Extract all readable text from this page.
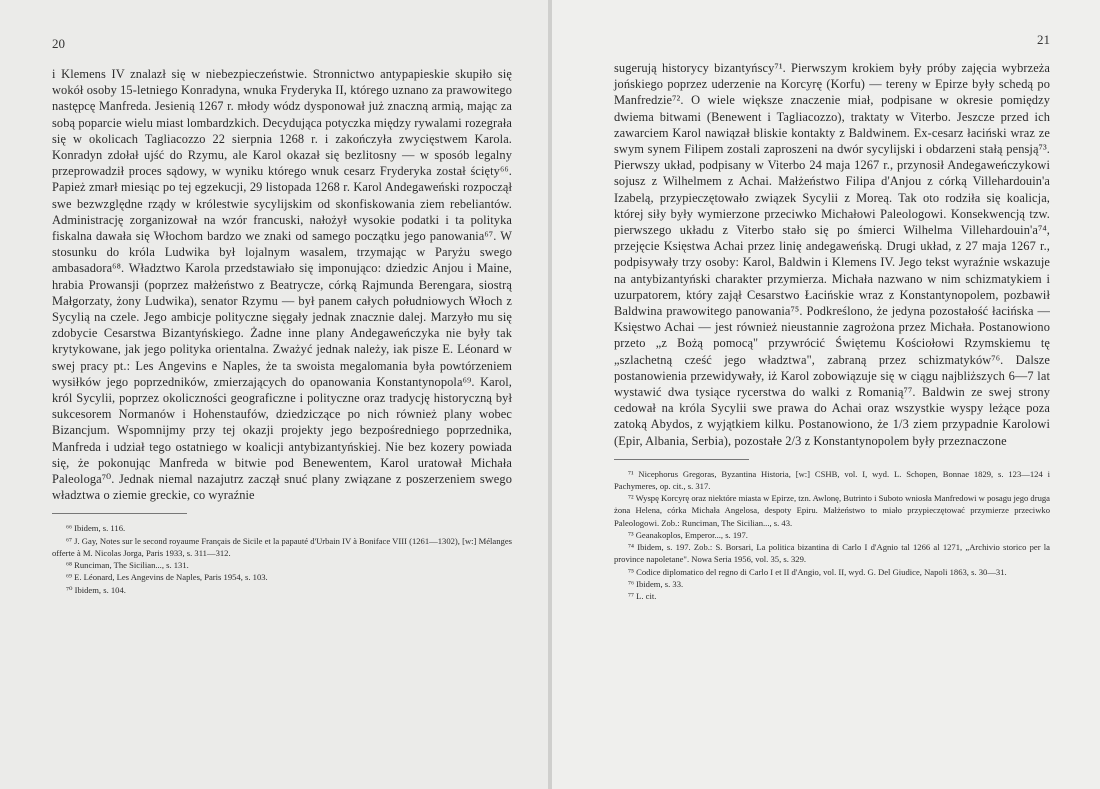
20
i Klemens IV znalazł się w niebezpieczeństwie. Stronnictwo antypapieskie skupiło się wokół osoby 15-letniego Konradyna, wnuka Fryderyka II, którego uznano za prawowitego następcę Manfreda. Jesienią 1267 r. młody wódz dysponował już znaczną armią, mając za sobą poparcie wielu miast lombardzkich. Decydująca potyczka między rywalami rozegrała się w okolicach Tagliacozzo 22 sierpnia 1268 r. i zakończyła zwycięstwem Karola. Konradyn zdołał ujść do Rzymu, ale Karol okazał się bezlitosny — w sposób legalny przeprowadził proces sądowy, w wyniku którego wnuk cesarz Fryderyka został ścięty⁶⁶. Papież zmarł miesiąc po tej egzekucji, 29 listopada 1268 r. Karol Andegaweński rozpoczął swe bezwzględne rządy w królestwie sycylijskim od skonfiskowania ziem rebeliantów. Administrację zorganizował na wzór francuski, nałożył wysokie podatki i ta polityka fiskalna dawała się Włochom bardzo we znaki od samego początku jego panowania⁶⁷. W stosunku do króla Ludwika był lojalnym wasalem, trzymając w Paryżu swego ambasadora⁶⁸. Władztwo Karola przedstawiało się imponująco: dziedzic Anjou i Maine, hrabia Prowansji (poprzez małżeństwo z Beatrycze, córką Rajmunda Berengara, siostrą Małgorzaty, żony Ludwika), senator Rzymu — był panem całych południowych Włoch z Sycylią na czele. Jego ambicje polityczne sięgały jednak znacznie dalej. Marzyło mu się zdobycie Cesarstwa Bizantyńskiego. Żadne inne plany Andegaweńczyka nie były tak krytykowane, jak jego polityka orientalna. Zważyć jednak należy, iak pisze E. Léonard w swej pracy pt.: Les Angevins e Naples, że ta swoista megalomania była powtórzeniem wysiłków jego poprzedników, zmierzających do opanowania Konstantynopola⁶⁹. Karol, król Sycylii, poprzez okoliczności geograficzne i polityczne oraz tradycję historyczną był sukcesorem Normanów i Hohenstaufów, dziedziczące po nich również plany wobec Bizancjum. Wspomnijmy przy tej okazji projekty jego bezpośredniego poprzednika, Manfreda i udział tego ostatniego w koalicji antybizantyńskiej. Nie bez kozery powiada się, że pokonując Manfreda w bitwie pod Benewentem, Karol uratował Michała Paleologa⁷⁰. Jednak niemal nazajutrz zaczął snuć plany związane z poszerzeniem swego władztwa o ziemie greckie, co wyraźnie

⁶⁶ Ibidem, s. 116.

⁶⁷ J. Gay, Notes sur le second royaume Français de Sicile et la papauté d'Urbain IV à Boniface VIII (1261—1302), [w:] Mélanges offerte à M. Nicolas Jorga, Paris 1933, s. 311—312.

⁶⁸ Runciman, The Sicilian..., s. 131.

⁶⁹ E. Léonard, Les Angevins de Naples, Paris 1954, s. 103.

⁷⁰ Ibidem, s. 104.

21
sugerują historycy bizantyńscy⁷¹. Pierwszym krokiem były próby zajęcia wybrzeża jońskiego poprzez uderzenie na Korcyrę (Korfu) — tereny w Epirze były schedą po Manfredzie⁷². O wiele większe znaczenie miał, podpisane w okresie pomiędzy dwiema bitwami (Benewent i Tagliacozzo), traktaty w Viterbo. Jeszcze przed ich zawarciem Karol nawiązał bliskie kontakty z Baldwinem. Ex-cesarz łaciński wraz ze swym synem Filipem zostali zaproszeni na dwór sycylijski i obdarzeni stałą pensją⁷³. Pierwszy układ, podpisany w Viterbo 24 maja 1267 r., przynosił Andegaweńczykowi sojusz z Wilhelmem z Achai. Małżeństwo Filipa d'Anjou z córką Villehardouin'a Izabelą, przypieczętowało związek Sycylii z Moreą. Tak oto rodziła się koalicja, której siły były wymierzone przeciwko Michałowi Paleologowi. Konsekwencją tzw. pierwszego układu z Viterbo stało się po śmierci Wilhelma Villehardouin'a⁷⁴, przejęcie Księstwa Achai przez linię andegaweńską. Drugi układ, z 27 maja 1267 r., podpisywały trzy osoby: Karol, Baldwin i Klemens IV. Jego tekst wyraźnie wskazuje na antybizantyński charakter przymierza. Michała nazwano w nim schizmatykiem i uzurpatorem, który zajął Cesarstwo Łacińskie wraz z Konstantynopolem, pozbawił Baldwina prawowitego panowania⁷⁵. Podkreślono, że jedyna pozostałość łacińska — Księstwo Achai — jest również nieustannie zagrożona przez Michała. Postanowiono przeto „z Bożą pomocą" przywrócić Świętemu Kościołowi Rzymskiemu tę „szlachetną cześć jego władztwa", zabraną przez schizmatyków⁷⁶. Dalsze postanowienia przewidywały, iż Karol zobowiązuje się w ciągu najbliższych 6—7 lat wystawić dwa tysiące rycerstwa do walki z Romanią⁷⁷. Baldwin ze swej strony cedował na króla Sycylii swe prawa do Achai oraz wszystkie wyspy leżące poza zatoką Abydos, z wyjątkiem kilku. Postanowiono, że 1/3 ziem przypadnie Karolowi (Epir, Albania, Serbia), pozostałe 2/3 z Konstantynopolem były przeznaczone

⁷¹ Nicephorus Gregoras, Byzantina Historia, [w:] CSHB, vol. I, wyd. L. Schopen, Bonnae 1829, s. 123—124 i Pachymeres, op. cit., s. 317.

⁷² Wyspę Korcyrę oraz niektóre miasta w Epirze, tzn. Awlonę, Butrinto i Suboto wniosła Manfredowi w posagu jego druga żona Helena, córka Michała Angelosa, despoty Epiru. Małżeństwo to miało przypieczętować przymierze przeciwko Paleologowi. Zob.: Runciman, The Sicilian..., s. 43.

⁷³ Geanakoplos, Emperor..., s. 197.

⁷⁴ Ibidem, s. 197. Zob.: S. Borsari, La politica bizantina di Carlo I d'Agnio tal 1266 al 1271, „Archivio storico per la province napoletane". Nowa Seria 1956, vol. 35, s. 329.

⁷⁵ Codice diplomatico del regno di Carlo I et II d'Angio, vol. II, wyd. G. Del Giudice, Napoli 1863, s. 30—31.

⁷⁶ Ibidem, s. 33.

⁷⁷ L. cit.
